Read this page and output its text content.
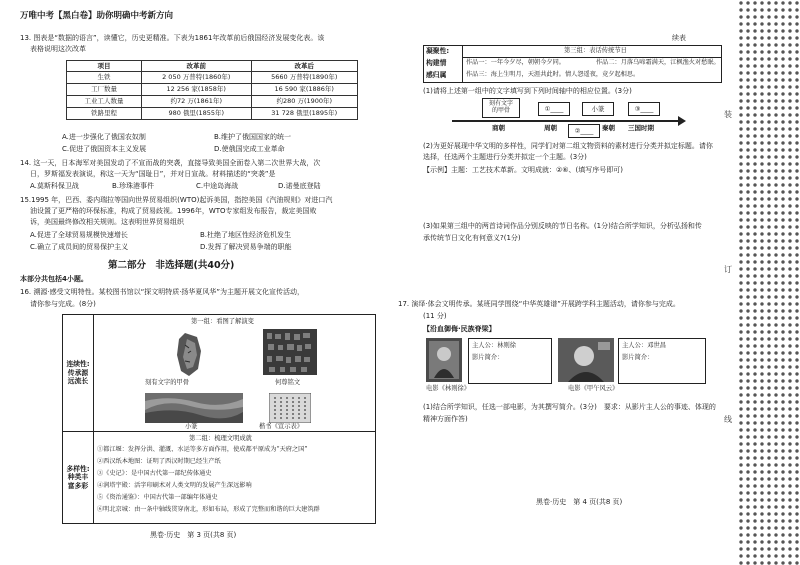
万唯中考【黑白卷】助你明确中考新方向
13. 图表是“数据的语言”，读懂它，历史更精准。下表为1861年改革前后俄国经济发展变化表。该
表格说明这次改革
项目	改革前	改革后
生铁	2 050 万普特(1860年)	5660 万普特(1890年)
工厂数量	12 256 家(1858年)	16 590 家(1886年)
工业工人数量	约72 万(1861年)	约280 万(1900年)
铁路里程	980 俄里(1855年)	31 728 俄里(1895年)
A.进一步强化了俄国农奴制	B.维护了俄国国家的统一
C.促进了俄国资本主义发展	D.使俄国完成工业革命
14. 这一天，日本海军对美国发动了不宣而战的突袭，直接导致美国全面卷入第二次世界大战，次
日，罗斯福发表演说，称这一天为“国耻日”，并对日宣战。材料描述的“突袭”是
A.莫斯科保卫战	B.珍珠港事件	C.中途岛海战	D.诺曼底登陆
15.1995 年，巴西、委内瑞拉等国向世界贸易组织(WTO)起诉美国，指控美国《汽油规则》对进口汽
油设置了更严格的环保标准，构成了贸易歧视。1996年，WTO专家组发布报告，裁定美国败
诉，美国最终修改相关规则。这表明世界贸易组织
A.促进了全球贸易规模快速增长	B.杜绝了地区性经济危机发生
C.确立了成员间的贸易保护主义	D.发挥了解决贸易争端的职能
第二部分　非选择题(共40分)
本部分共包括4小题。
16. 溯源·感受文明特性。某校图书馆以“探文明特质·扬华夏风华”为主题开展文化宣传活动，
请你参与完成。(8分)
连续性:
传承源
远流长
第一组：看图了解演变
刻有文字的甲骨	何尊铭文
小篆	楷书《宣示表》
多样性:
种类丰
富多彩
第二组：梳理文明成就
①都江堰：发挥分洪、灌溉、水运等多方面作用，使成都平原成为“天府之国”
②西汉纸本地图：证明了西汉时期已经生产纸
③《史记》：是中国古代第一部纪传体通史
④润塔宇殿：活字印刷术对人类文明的发展产生深远影响
⑤《资治通鉴》：中国古代第一部编年体通史
⑥明北京城：由一条中轴线贯穿南北，形如布局，形成了完整而和谐的巨大建筑群
黑卷·历史　第 3 页(共8 页)
续表
凝聚性:
构建情
感归属
第三组：表话传统节日
作品一：一年今夕尽，朝朝今夕同。	作品二：月落乌啼霜满天，江枫渔火对愁眠。
作品三：海上生明月，天涯共此时。情人怨遥夜，竟夕起相思。
(1)请将上述第一组中的文字填写到下列时间轴中的相应位置。(3分)
刻有文字
的甲骨	①____	小篆
②____
③____
商朝	周朝	秦朝 三国时期
(2)为更好展现中华文明的多样性，同学们对第二组文物资料的素材进行分类并拟定标题。请你
选择，任选两个主题进行分类并拟定一个主题。(3分)
【示例】主题：工艺技术革新。文明成就：②⑥、(填写序号即可)
(3)如果第三组中的两首诗词作品分别反映的节日名称。(1分)结合所学知识，分析弘扬和传
承传统节日文化有何意义?(1分)
17. 演绎·体会文明传承。某班同学围绕“中华英雄谱”开展跨学科主题活动，请你参与完成。
(11 分)
【沿血御侮·民族脊梁】
主人公：林则徐
影片简介：
电影《林则徐》
主人公：邓世昌
影片简介：
电影《甲午风云》
(1)结合所学知识，任选一部电影，为其撰写简介。(3分)　要求：从影片主人公的事迹、体现的
精神方面作答)
黑卷·历史　第 4 页(共8 页)
装
订
线
